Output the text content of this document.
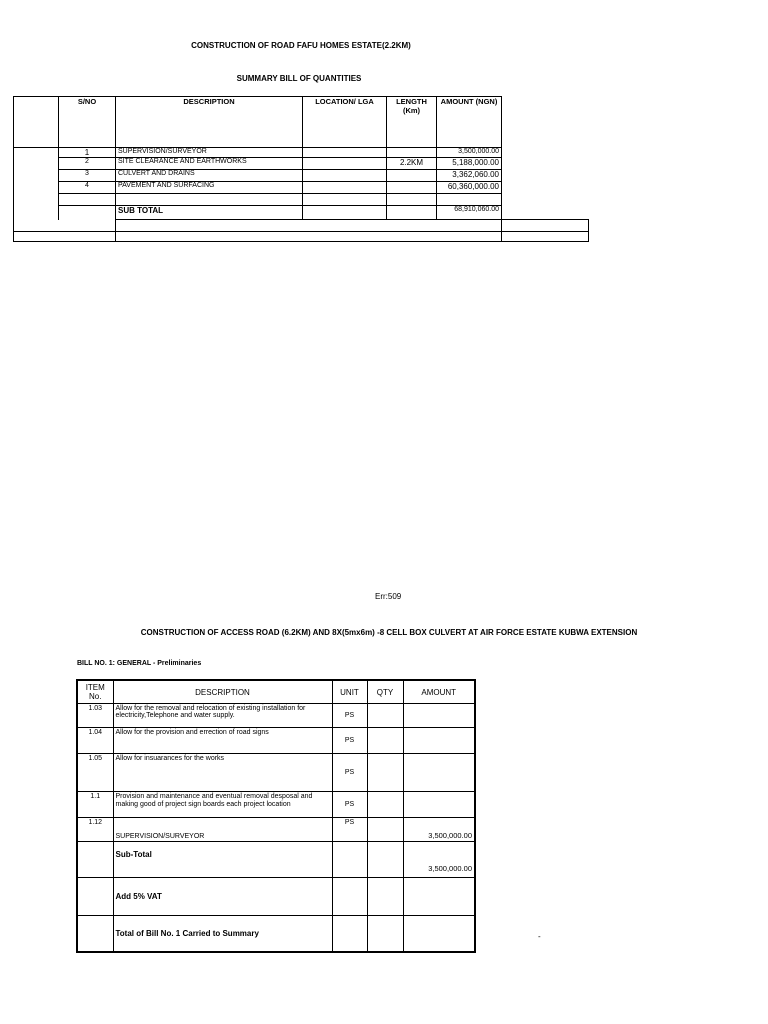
CONSTRUCTION OF ROAD FAFU HOMES ESTATE(2.2KM)
SUMMARY BILL OF QUANTITIES
	S/NO	DESCRIPTION	LOCATION/ LGA	LENGTH (Km)	AMOUNT (NGN)	
	1	SUPERVISION/SURVEYOR			3,500,000.00	
	2	SITE CLEARANCE AND EARTHWORKS		2.2KM	5,188,000.00	
	3	CULVERT AND DRAINS			3,362,060.00	
	4	PAVEMENT AND SURFACING			60,360,000.00	

		SUB TOTAL			68,910,060.00	

Err:509
CONSTRUCTION OF ACCESS ROAD (6.2KM) AND 8X(5mx6m) -8 CELL BOX CULVERT AT AIR FORCE ESTATE KUBWA EXTENSION
BILL NO. 1: GENERAL - Preliminaries
ITEM No.	DESCRIPTION	UNIT	QTY	AMOUNT
1.03	Allow for the removal and relocation of existing installation for electricity,Telephone and water supply.	PS		
1.04	Allow for the provision and errection of road signs	PS		
1.05	Allow for insuarances for the works	PS		
1.1	Provision and maintenance and eventual removal desposal and making good of project sign boards each project location	PS		
1.12	SUPERVISION/SURVEYOR	PS		3,500,000.00
	Sub-Total			3,500,000.00
	Add 5% VAT			
	Total of Bill No. 1 Carried to Summary				-
